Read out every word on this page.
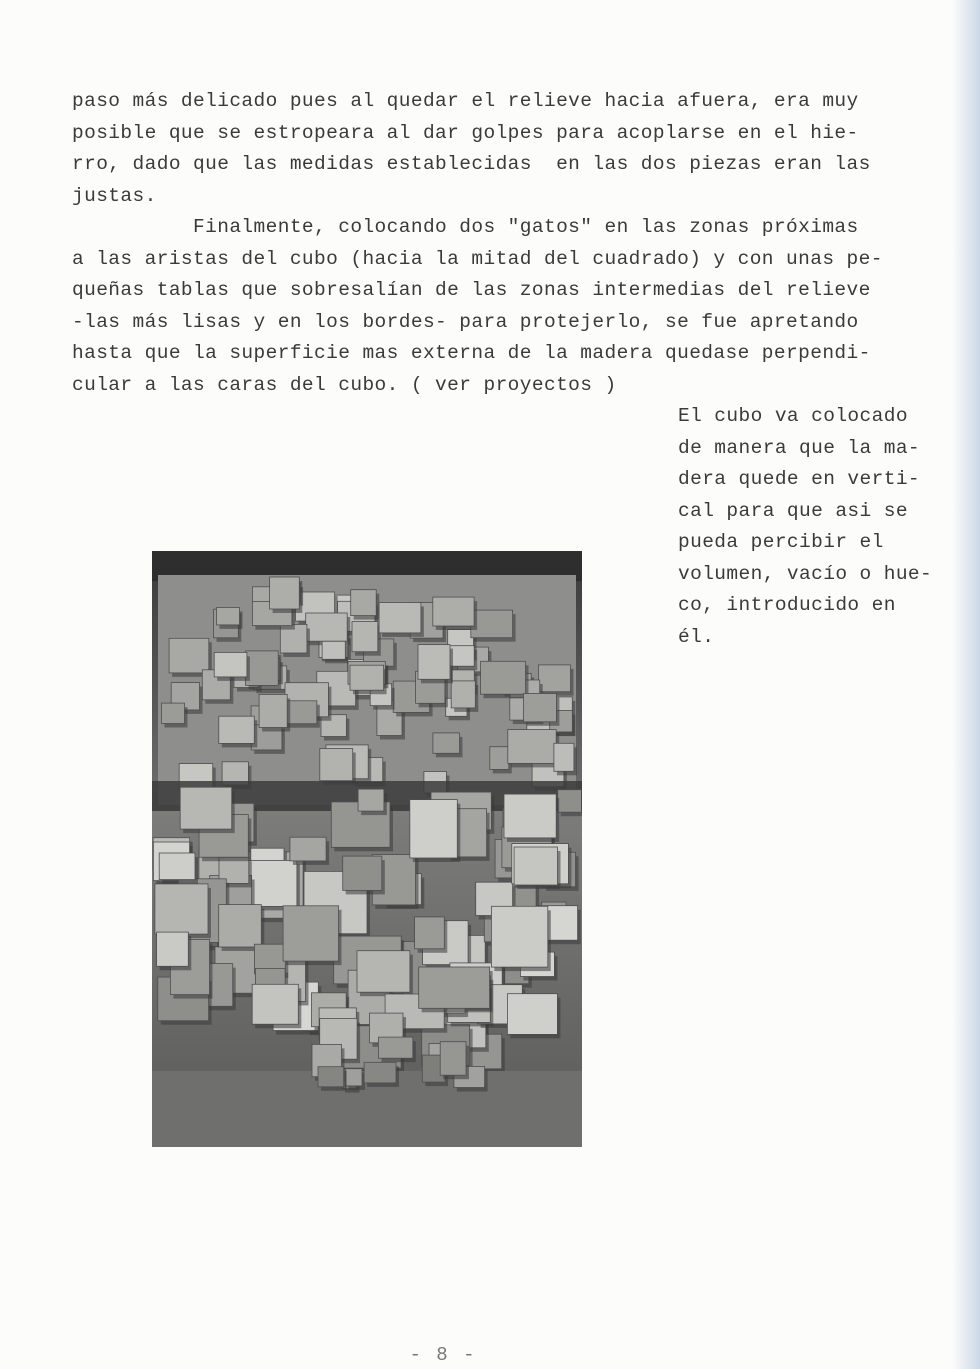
paso más delicado pues al quedar el relieve hacia afuera, era muy
posible que se estropeara al dar golpes para acoplarse en el hie-
rro, dado que las medidas establecidas  en las dos piezas eran las
justas.
Finalmente, colocando dos "gatos" en las zonas próximas
a las aristas del cubo (hacia la mitad del cuadrado) y con unas pe-
queñas tablas que sobresalían de las zonas intermedias del relieve
-las más lisas y en los bordes- para protejerlo, se fue apretando
hasta que la superficie mas externa de la madera quedase perpendi-
cular a las caras del cubo. ( ver proyectos )
El cubo va colocado
de manera que la ma-
dera quede en verti-
cal para que asi se
pueda percibir el
volumen, vacío o hue-
co, introducido en
él.
- 8 -
